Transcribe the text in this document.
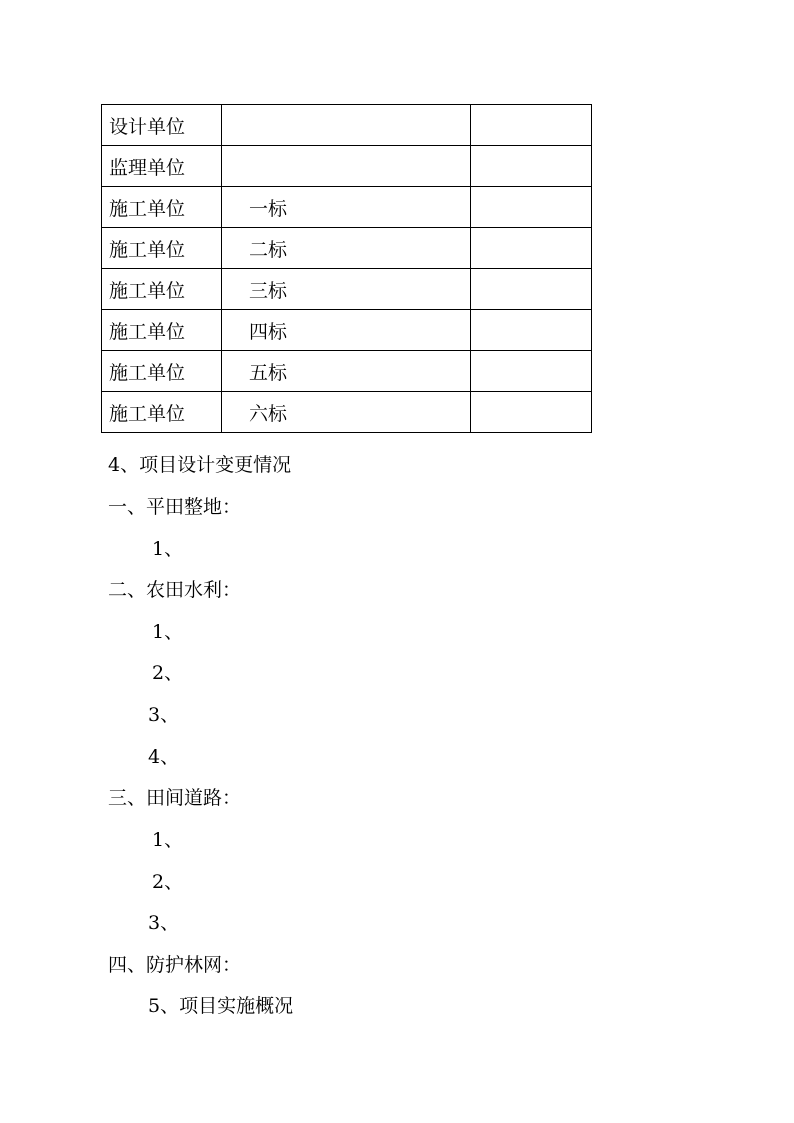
设计单位		
监理单位		
施工单位	一标	
施工单位	二标	
施工单位	三标	
施工单位	四标	
施工单位	五标	
施工单位	六标	
4、项目设计变更情况
一、平田整地：
1、
二、农田水利：
1、
2、
3、
4、
三、田间道路：
1、
2、
3、
四、防护林网：
5、项目实施概况
